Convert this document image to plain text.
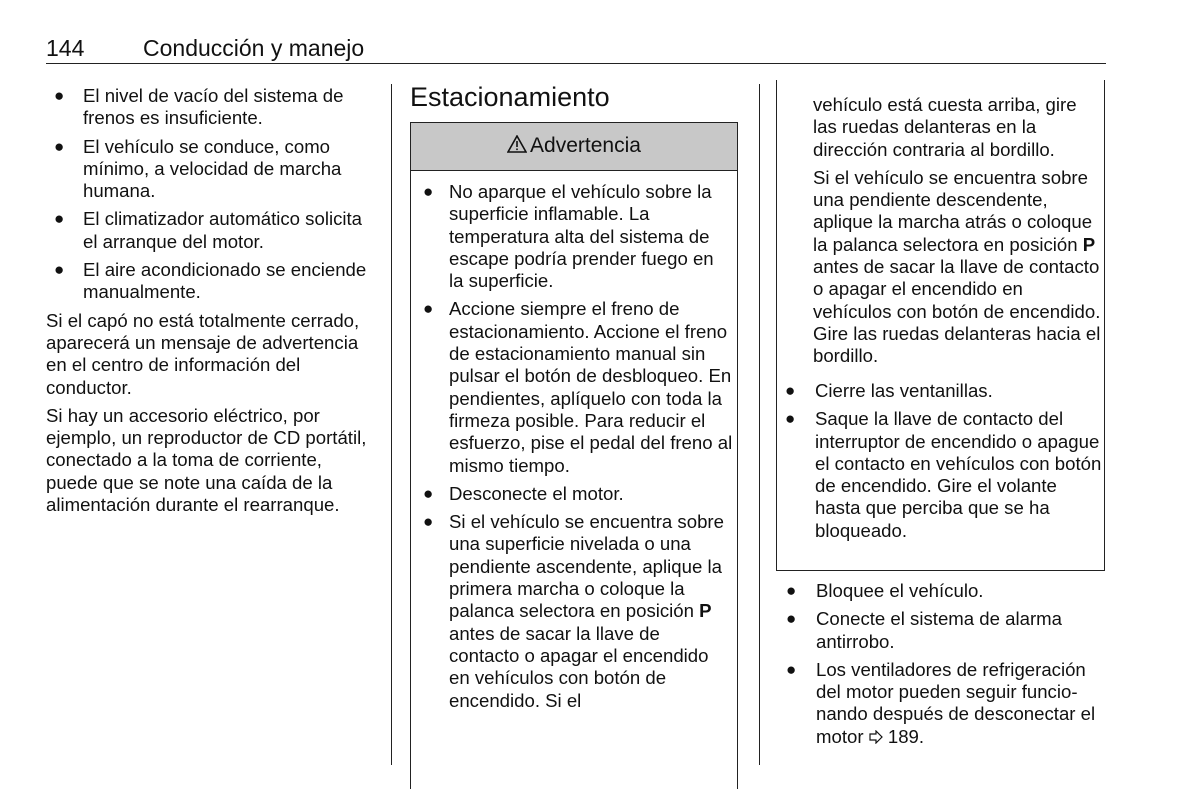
144	Conducción y manejo
● El nivel de vacío del sistema de frenos es insuficiente.
● El vehículo se conduce, como mínimo, a velocidad de marcha humana.
● El climatizador automático solicita el arranque del motor.
● El aire acondicionado se enciende manualmente.

Si el capó no está totalmente cerrado, aparecerá un mensaje de advertencia en el centro de información del conductor.

Si hay un accesorio eléctrico, por ejemplo, un reproductor de CD portátil, conectado a la toma de corriente, puede que se note una caída de la alimentación durante el rearranque.

Estacionamiento
Advertencia
● No aparque el vehículo sobre la superficie inflamable. La temperatura alta del sistema de escape podría prender fuego en la superficie.
● Accione siempre el freno de estacionamiento. Accione el freno de estacionamiento manual sin pulsar el botón de desbloqueo. En pendientes, aplíquelo con toda la firmeza posible. Para reducir el esfuerzo, pise el pedal del freno al mismo tiempo.
● Desconecte el motor.
● Si el vehículo se encuentra sobre una superficie nivelada o una pendiente ascendente, aplique la primera marcha o coloque la palanca selectora en posición P antes de sacar la llave de contacto o apagar el encendido en vehículos con botón de encendido. Si el

vehículo está cuesta arriba, gire las ruedas delanteras en la dirección contraria al bordillo.

Si el vehículo se encuentra sobre una pendiente descendente, aplique la marcha atrás o coloque la palanca selectora en posición P antes de sacar la llave de contacto o apagar el encendido en vehículos con botón de encendido. Gire las ruedas delanteras hacia el bordillo.

● Cierre las ventanillas.
● Saque la llave de contacto del interruptor de encendido o apague el contacto en vehículos con botón de encendido. Gire el volante hasta que perciba que se ha bloqueado.
● Bloquee el vehículo.
● Conecte el sistema de alarma antirrobo.
● Los ventiladores de refrigeración del motor pueden seguir funcionando después de desconectar el motor  189.
